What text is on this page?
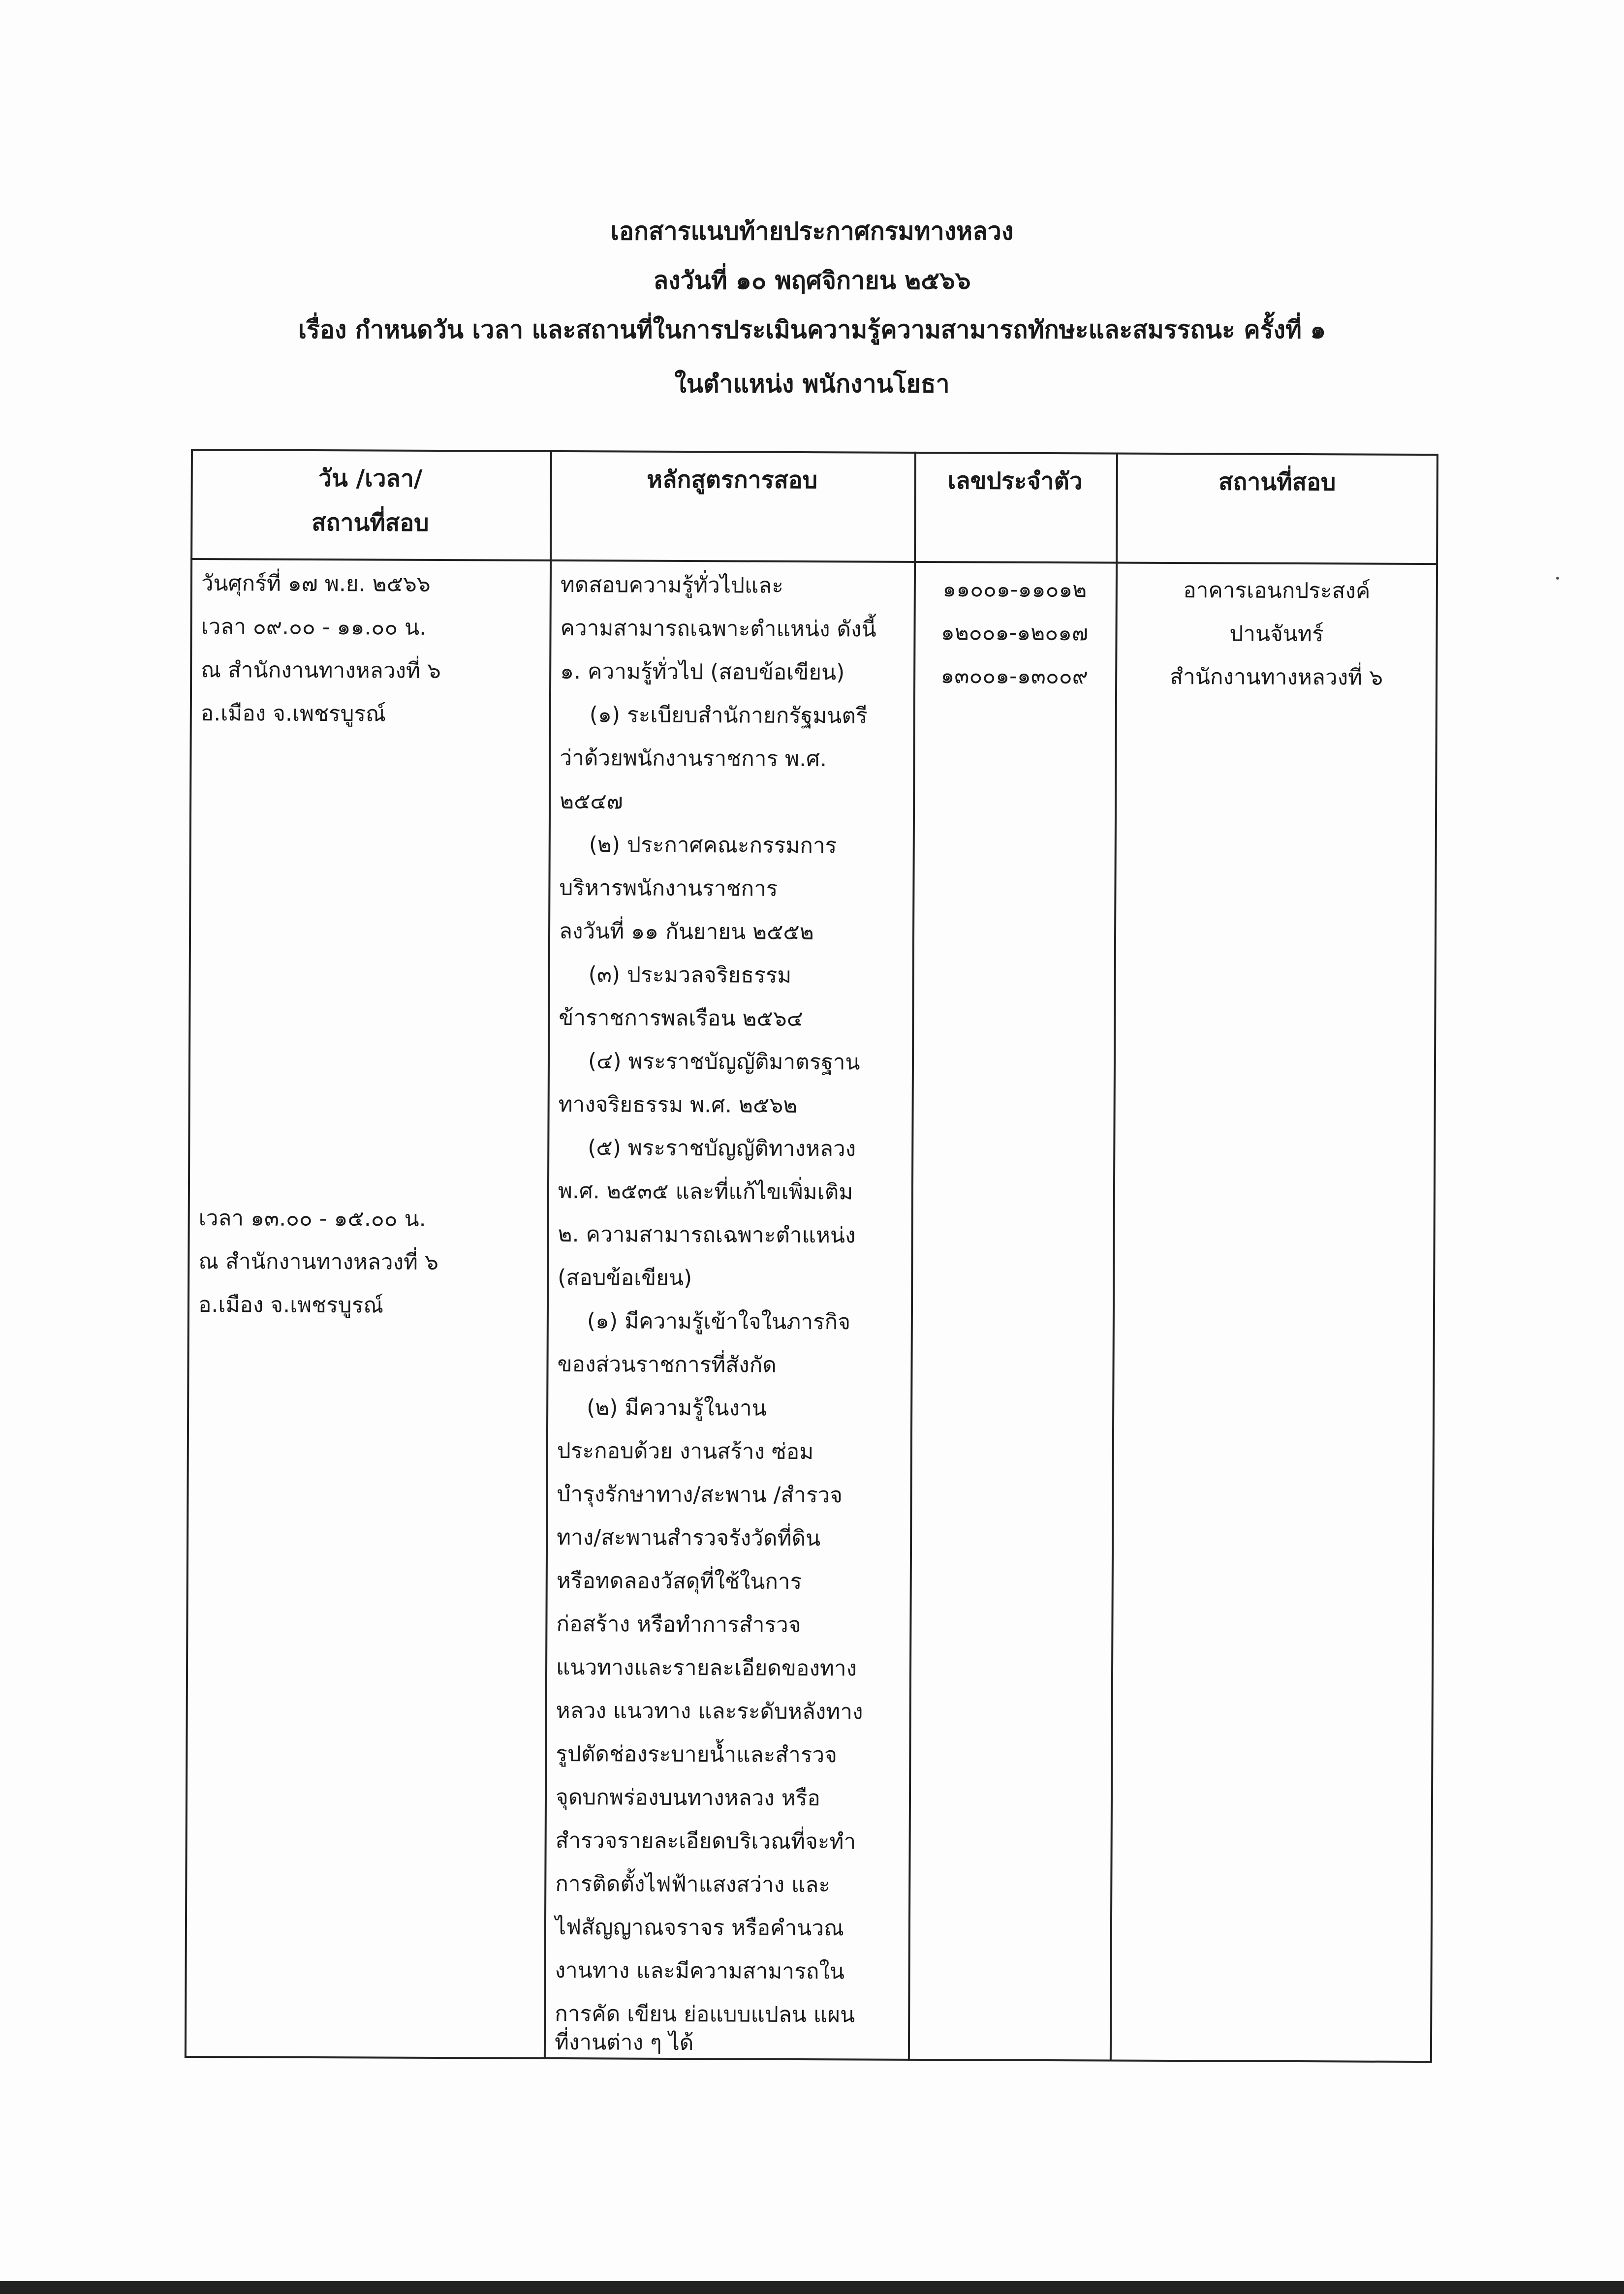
เอกสารแนบท้ายประกาศกรมทางหลวง
ลงวันที่ ๑๐ พฤศจิกายน ๒๕๖๖
เรื่อง กำหนดวัน เวลา และสถานที่ในการประเมินความรู้ความสามารถทักษะและสมรรถนะ ครั้งที่ ๑
ในตำแหน่ง พนักงานโยธา
วัน /เวลา/
สถานที่สอบ
หลักสูตรการสอบ	เลขประจำตัว	สถานที่สอบ
วันศุกร์ที่ ๑๗ พ.ย. ๒๕๖๖
เวลา ๐๙.๐๐ - ๑๑.๐๐ น.
ณ สำนักงานทางหลวงที่ ๖
อ.เมือง จ.เพชรบูรณ์
เวลา ๑๓.๐๐ - ๑๕.๐๐ น.
ณ สำนักงานทางหลวงที่ ๖
อ.เมือง จ.เพชรบูรณ์
ทดสอบความรู้ทั่วไปและ
ความสามารถเฉพาะตำแหน่ง ดังนี้
๑. ความรู้ทั่วไป (สอบข้อเขียน)
(๑) ระเบียบสำนักายกรัฐมนตรี
ว่าด้วยพนักงานราชการ พ.ศ.
๒๕๔๗
(๒) ประกาศคณะกรรมการ
บริหารพนักงานราชการ
ลงวันที่ ๑๑ กันยายน ๒๕๕๒
(๓) ประมวลจริยธรรม
ข้าราชการพลเรือน ๒๕๖๔
(๔) พระราชบัญญัติมาตรฐาน
ทางจริยธรรม พ.ศ. ๒๕๖๒
(๕) พระราชบัญญัติทางหลวง
พ.ศ. ๒๕๓๕ และที่แก้ไขเพิ่มเติม
๒. ความสามารถเฉพาะตำแหน่ง
(สอบข้อเขียน)
(๑) มีความรู้เข้าใจในภารกิจ
ของส่วนราชการที่สังกัด
(๒) มีความรู้ในงาน
ประกอบด้วย งานสร้าง ซ่อม
บำรุงรักษาทาง/สะพาน /สำรวจ
ทาง/สะพานสำรวจรังวัดที่ดิน
หรือทดลองวัสดุที่ใช้ในการ
ก่อสร้าง หรือทำการสำรวจ
แนวทางและรายละเอียดของทาง
หลวง แนวทาง และระดับหลังทาง
รูปตัดช่องระบายน้ำและสำรวจ
จุดบกพร่องบนทางหลวง หรือ
สำรวจรายละเอียดบริเวณที่จะทำ
การติดตั้งไฟฟ้าแสงสว่าง และ
ไฟสัญญาณจราจร หรือคำนวณ
งานทาง และมีความสามารถใน
การคัด เขียน ย่อแบบแปลน แผน
ที่งานต่าง ๆ ได้
๑๑๐๐๑-๑๑๐๑๒
๑๒๐๐๑-๑๒๐๑๗
๑๓๐๐๑-๑๓๐๐๙
อาคารเอนกประสงค์
ปานจันทร์
สำนักงานทางหลวงที่ ๖
